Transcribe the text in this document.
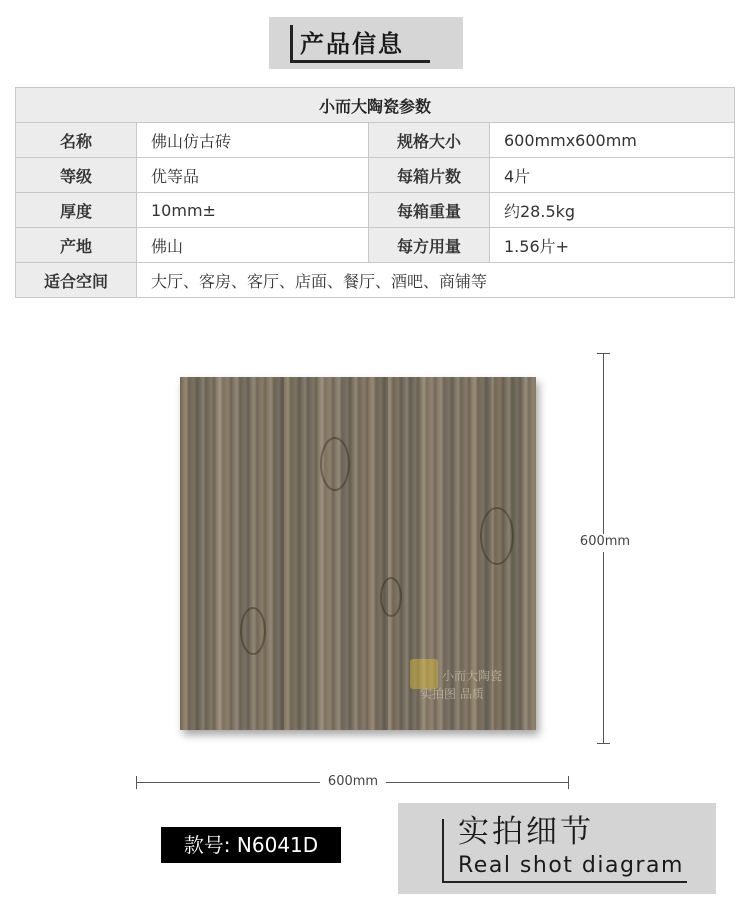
产品信息
小而大陶瓷参数			
名称	佛山仿古砖	规格大小	600mmx600mm
等级	优等品	每箱片数	4片
厚度	10mm±	每箱重量	约28.5kg
产地	佛山	每方用量	1.56片+
适合空间	大厅、客房、客厅、店面、餐厅、酒吧、商铺等		
小而大陶瓷
实拍图 品质
600mm
600mm
款号: N6041D	实拍细节
Real shot diagram
